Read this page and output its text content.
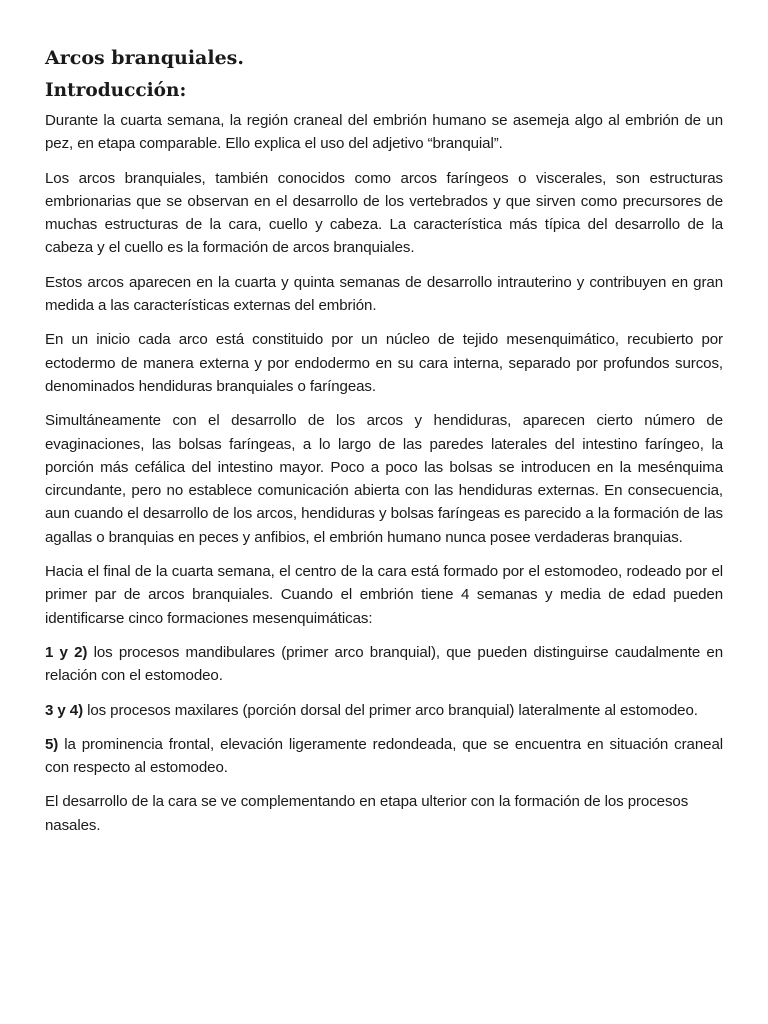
Arcos branquiales.
Introducción:

Durante la cuarta semana, la región craneal del embrión humano se asemeja algo al embrión de un pez, en etapa comparable. Ello explica el uso del adjetivo “branquial”.

Los arcos branquiales, también conocidos como arcos faríngeos o viscerales, son estructuras embrionarias que se observan en el desarrollo de los vertebrados y que sirven como precursores de muchas estructuras de la cara, cuello y cabeza. La característica más típica del desarrollo de la cabeza y el cuello es la formación de arcos branquiales.

Estos arcos aparecen en la cuarta y quinta semanas de desarrollo intrauterino y contribuyen en gran medida a las características externas del embrión.

En un inicio cada arco está constituido por un núcleo de tejido mesenquimático, recubierto por ectodermo de manera externa y por endodermo en su cara interna, separado por profundos surcos, denominados hendiduras branquiales o faríngeas.

Simultáneamente con el desarrollo de los arcos y hendiduras, aparecen cierto número de evaginaciones, las bolsas faríngeas, a lo largo de las paredes laterales del intestino faríngeo, la porción más cefálica del intestino mayor. Poco a poco las bolsas se introducen en la mesénquima circundante, pero no establece comunicación abierta con las hendiduras externas. En consecuencia, aun cuando el desarrollo de los arcos, hendiduras y bolsas faríngeas es parecido a la formación de las agallas o branquias en peces y anfibios, el embrión humano nunca posee verdaderas branquias.

Hacia el final de la cuarta semana, el centro de la cara está formado por el estomodeo, rodeado por el primer par de arcos branquiales. Cuando el embrión tiene 4 semanas y media de edad pueden identificarse cinco formaciones mesenquimáticas:

1 y 2) los procesos mandibulares (primer arco branquial), que pueden distinguirse caudalmente en relación con el estomodeo.

3 y 4) los procesos maxilares (porción dorsal del primer arco branquial) lateralmente al estomodeo.

5) la prominencia frontal, elevación ligeramente redondeada, que se encuentra en situación craneal con respecto al estomodeo.

El desarrollo de la cara se ve complementando en etapa ulterior con la formación de los procesos nasales.
